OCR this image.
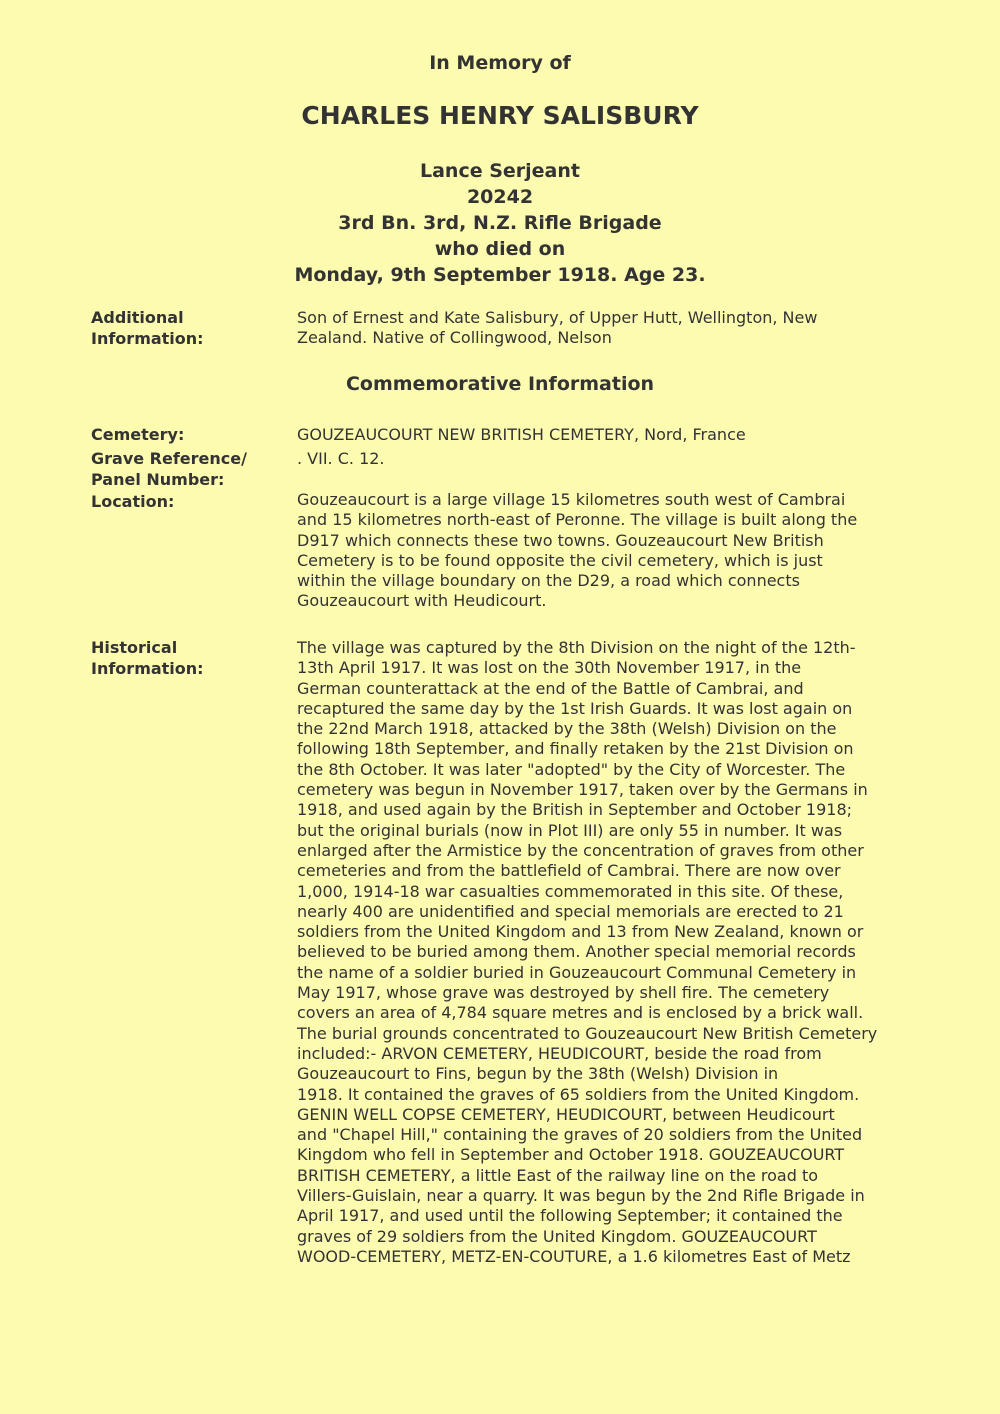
In Memory of
CHARLES HENRY SALISBURY
Lance Serjeant
20242
3rd Bn. 3rd, N.Z. Rifle Brigade
who died on
Monday, 9th September 1918. Age 23.
Additional
Information:
Son of Ernest and Kate Salisbury, of Upper Hutt, Wellington, New
Zealand. Native of Collingwood, Nelson
Commemorative Information
Cemetery:	GOUZEAUCOURT NEW BRITISH CEMETERY, Nord, France
Grave Reference/
Panel Number:
. VII. C. 12.
Location:	Gouzeaucourt is a large village 15 kilometres south west of Cambrai
and 15 kilometres north-east of Peronne. The village is built along the
D917 which connects these two towns. Gouzeaucourt New British
Cemetery is to be found opposite the civil cemetery, which is just
within the village boundary on the D29, a road which connects
Gouzeaucourt with Heudicourt.
Historical
Information:
The village was captured by the 8th Division on the night of the 12th-
13th April 1917. It was lost on the 30th November 1917, in the
German counterattack at the end of the Battle of Cambrai, and
recaptured the same day by the 1st Irish Guards. It was lost again on
the 22nd March 1918, attacked by the 38th (Welsh) Division on the
following 18th September, and finally retaken by the 21st Division on
the 8th October. It was later "adopted" by the City of Worcester. The
cemetery was begun in November 1917, taken over by the Germans in
1918, and used again by the British in September and October 1918;
but the original burials (now in Plot III) are only 55 in number. It was
enlarged after the Armistice by the concentration of graves from other
cemeteries and from the battlefield of Cambrai. There are now over
1,000, 1914-18 war casualties commemorated in this site. Of these,
nearly 400 are unidentified and special memorials are erected to 21
soldiers from the United Kingdom and 13 from New Zealand, known or
believed to be buried among them. Another special memorial records
the name of a soldier buried in Gouzeaucourt Communal Cemetery in
May 1917, whose grave was destroyed by shell fire. The cemetery
covers an area of 4,784 square metres and is enclosed by a brick wall.
The burial grounds concentrated to Gouzeaucourt New British Cemetery
included:- ARVON CEMETERY, HEUDICOURT, beside the road from
Gouzeaucourt to Fins, begun by the 38th (Welsh) Division in
1918. It contained the graves of 65 soldiers from the United Kingdom.
GENIN WELL COPSE CEMETERY, HEUDICOURT, between Heudicourt
and "Chapel Hill," containing the graves of 20 soldiers from the United
Kingdom who fell in September and October 1918. GOUZEAUCOURT
BRITISH CEMETERY, a little East of the railway line on the road to
Villers-Guislain, near a quarry. It was begun by the 2nd Rifle Brigade in
April 1917, and used until the following September; it contained the
graves of 29 soldiers from the United Kingdom. GOUZEAUCOURT
WOOD-CEMETERY, METZ-EN-COUTURE, a 1.6 kilometres East of Metz
